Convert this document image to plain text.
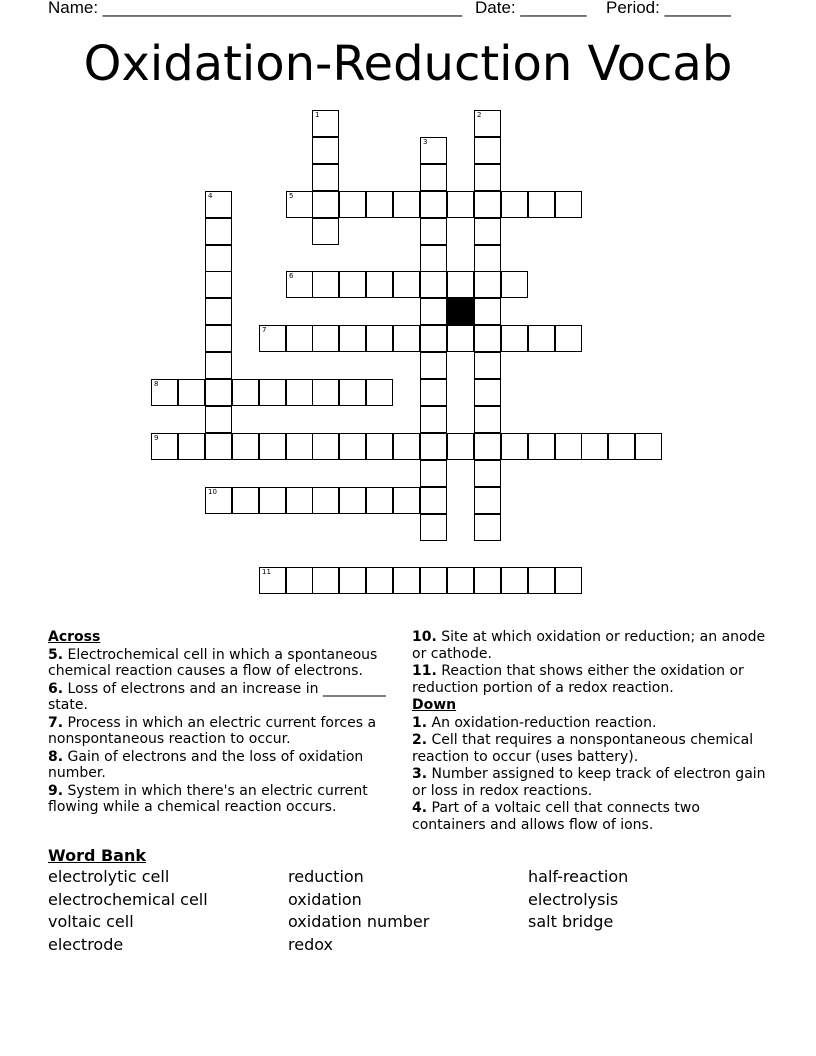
Name: ______________________________________ Date: _______ Period: _______
Oxidation-Reduction Vocab
1	2
3
4	5
6
7
8
9
10
11
Across
5. Electrochemical cell in which a spontaneous chemical reaction causes a flow of electrons.
6. Loss of electrons and an increase in _________ state.
7. Process in which an electric current forces a nonspontaneous reaction to occur.
8. Gain of electrons and the loss of oxidation number.
9. System in which there's an electric current flowing while a chemical reaction occurs.
10. Site at which oxidation or reduction; an anode or cathode.
11. Reaction that shows either the oxidation or reduction portion of a redox reaction.
Down
1. An oxidation-reduction reaction.
2. Cell that requires a nonspontaneous chemical reaction to occur (uses battery).
3. Number assigned to keep track of electron gain or loss in redox reactions.
4. Part of a voltaic cell that connects two containers and allows flow of ions.
Word Bank
electrolytic cell
electrochemical cell
voltaic cell
electrode
reduction
oxidation
oxidation number
redox
half-reaction
electrolysis
salt bridge
